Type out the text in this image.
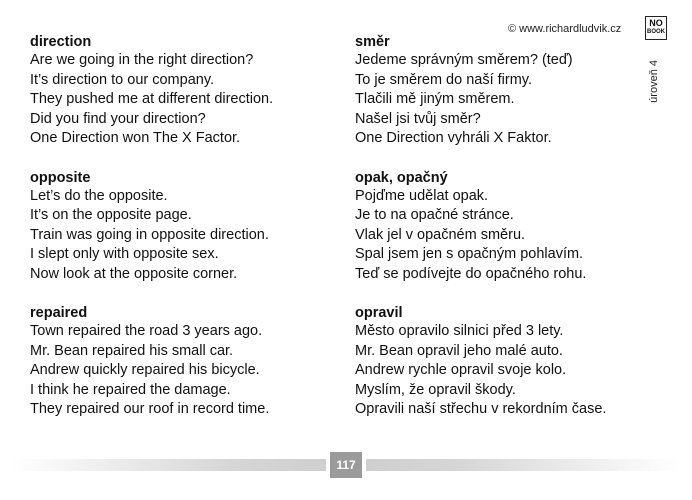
© www.richardludvik.cz	NO
BOOK
úroveň 4

direction

Are we going in the right direction?

It’s direction to our company.

They pushed me at different direction.

Did you find your direction?

One Direction won The X Factor.

opposite

Let’s do the opposite.

It’s on the opposite page.

Train was going in opposite direction.

I slept only with opposite sex.

Now look at the opposite corner.

repaired

Town repaired the road 3 years ago.

Mr. Bean repaired his small car.

Andrew quickly repaired his bicycle.

I think he repaired the damage.

They repaired our roof in record time.

směr

Jedeme správným směrem? (teď)

To je směrem do naší firmy.

Tlačili mě jiným směrem.

Našel jsi tvůj směr?

One Direction vyhráli X Faktor.

opak, opačný

Pojďme udělat opak.

Je to na opačné stránce.

Vlak jel v opačném směru.

Spal jsem jen s opačným pohlavím.

Teď se podívejte do opačného rohu.

opravil

Město opravilo silnici před 3 lety.

Mr. Bean opravil jeho malé auto.

Andrew rychle opravil svoje kolo.

Myslím, že opravil škody.

Opravili naší střechu v rekordním čase.

117
